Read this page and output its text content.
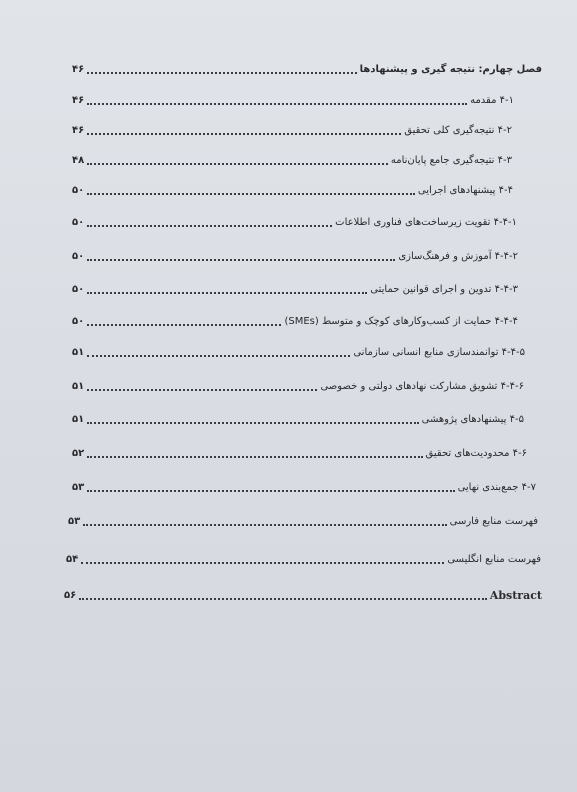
فصل چهارم: نتیجه گیری و پیشنهادها
۴۶
۴-۱ مقدمه
۴۶
۴-۲ نتیجه‌گیری کلی تحقیق
۴۶
۴-۳ نتیجه‌گیری جامع پایان‌نامه
۴۸
۴-۴ پیشنهادهای اجرایی
۵۰
۴-۴-۱ تقویت زیرساخت‌های فناوری اطلاعات
۵۰
۴-۴-۲ آموزش و فرهنگ‌سازی
۵۰
۴-۴-۳ تدوین و اجرای قوانین حمایتی
۵۰
۴-۴-۴ حمایت از کسب‌وکارهای کوچک و متوسط (SMEs)
۵۰
۴-۴-۵ توانمندسازی منابع انسانی سازمانی
۵۱
۴-۴-۶ تشویق مشارکت نهادهای دولتی و خصوصی
۵۱
۴-۵ پیشنهادهای پژوهشی
۵۱
۴-۶ محدودیت‌های تحقیق
۵۲
۴-۷ جمع‌بندی نهایی
۵۳
فهرست منابع فارسی
۵۳
فهرست منابع انگلیسی
۵۴
Abstract
۵۶
